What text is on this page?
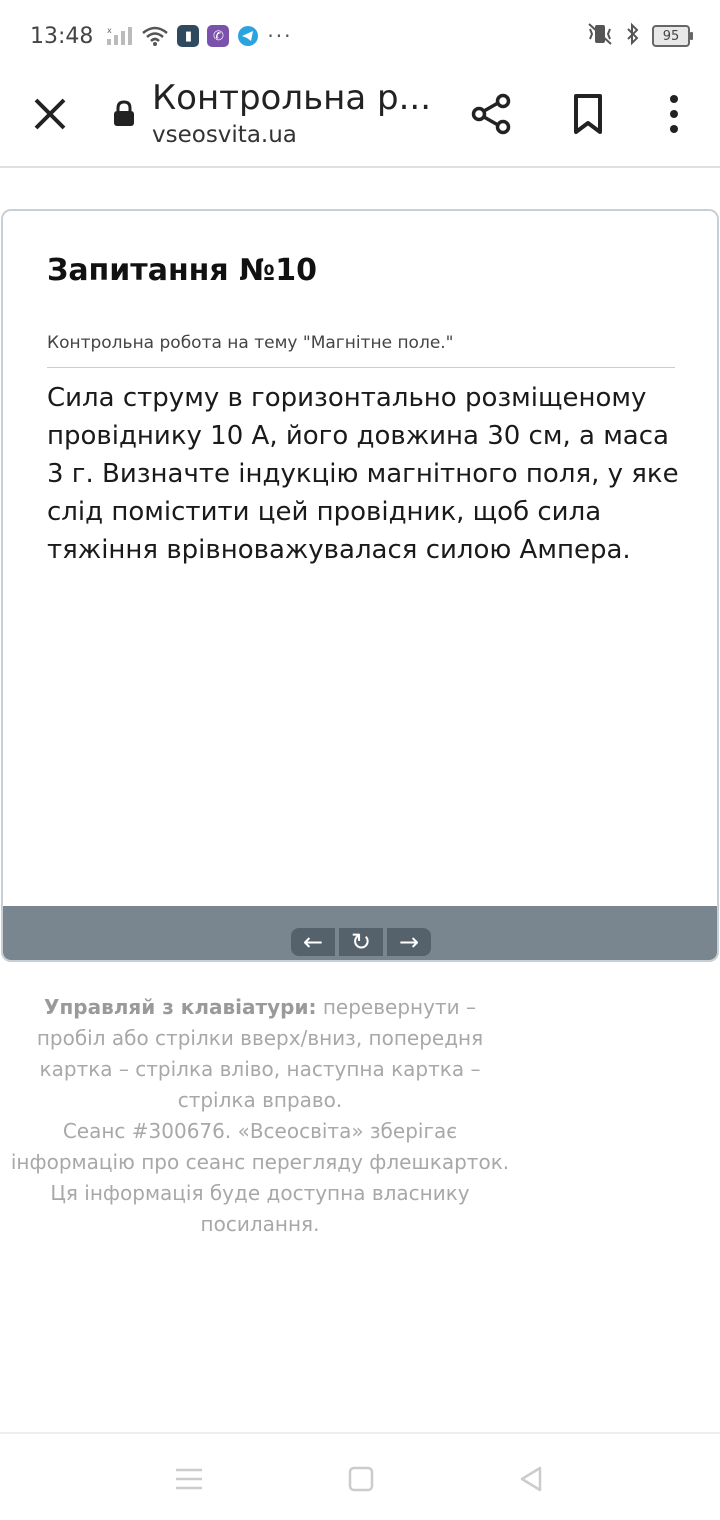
13:48 x	▮	✆ ···	95
Контрольна р...
vseosvita.ua
Запитання №10
Контрольна робота на тему "Магнітне поле."
Сила струму в горизонтально розміщеному провіднику 10 А, його довжина 30 см, а маса 3 г. Визначте індукцію магнітного поля, у яке слід помістити цей провідник, щоб сила тяжіння врівноважувалася силою Ампера.
←	↻	→
Управляй з клавіатури: перевернути – пробіл або стрілки вверх/вниз, попередня картка – стрілка вліво, наступна картка – стрілка вправо.
Сеанс #300676. «Всеосвіта» зберігає інформацію про сеанс перегляду флешкарток. Ця інформація буде доступна власнику посилання.
